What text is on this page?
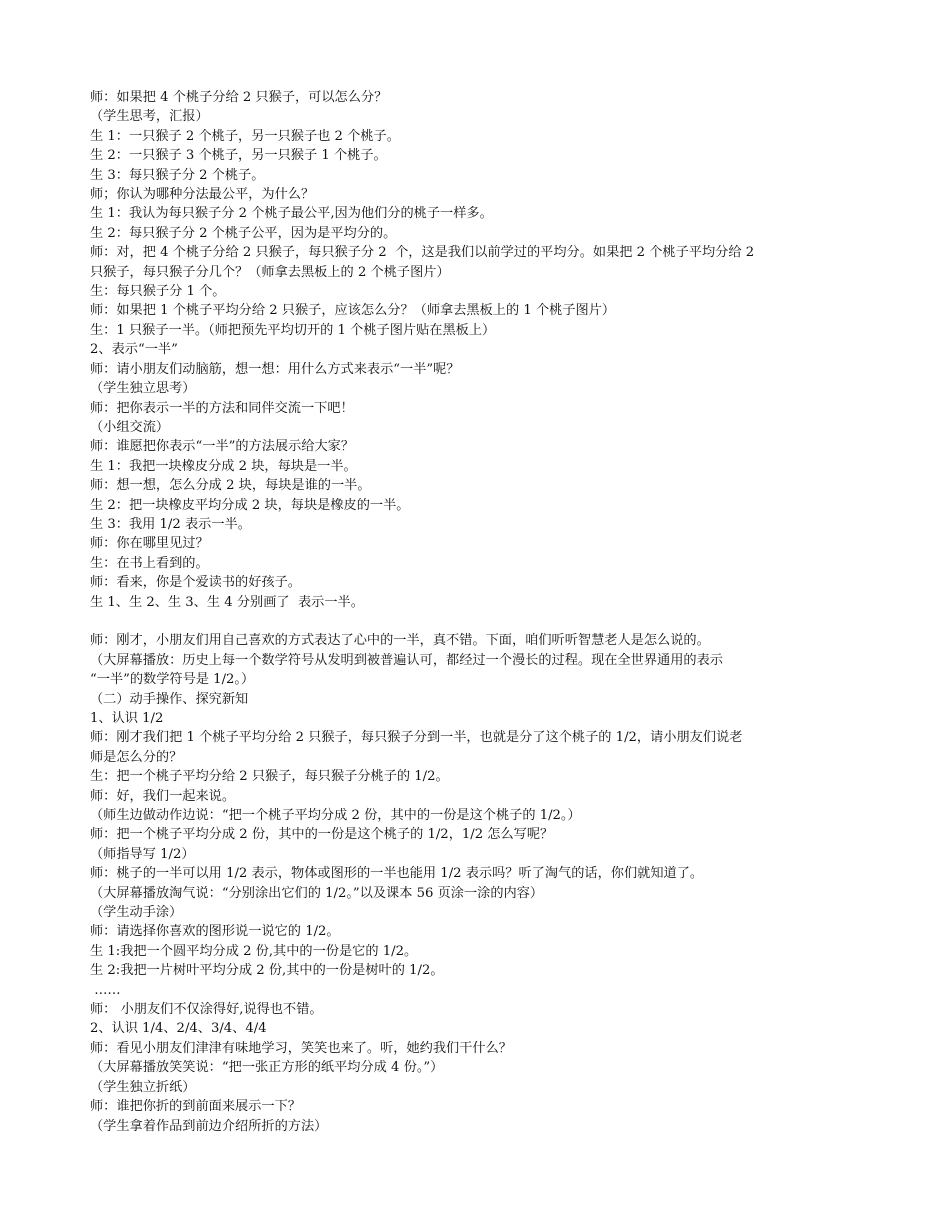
师：如果把 4 个桃子分给 2 只猴子，可以怎么分？
（学生思考，汇报）
生 1：一只猴子 2 个桃子，另一只猴子也 2 个桃子。
生 2：一只猴子 3 个桃子，另一只猴子 1 个桃子。
生 3：每只猴子分 2 个桃子。
师；你认为哪种分法最公平，为什么？
生 1：我认为每只猴子分 2 个桃子最公平,因为他们分的桃子一样多。
生 2：每只猴子分 2 个桃子公平，因为是平均分的。
师：对，把 4 个桃子分给 2 只猴子，每只猴子分 2  个，这是我们以前学过的平均分。如果把 2 个桃子平均分给 2
只猴子，每只猴子分几个？（师拿去黑板上的 2 个桃子图片）
生：每只猴子分 1 个。
师：如果把 1 个桃子平均分给 2 只猴子，应该怎么分？（师拿去黑板上的 1 个桃子图片）
生：1 只猴子一半。（师把预先平均切开的 1 个桃子图片贴在黑板上）
2、表示“一半”
师：请小朋友们动脑筋，想一想：用什么方式来表示“一半”呢？
（学生独立思考）
师：把你表示一半的方法和同伴交流一下吧！
（小组交流）
师：谁愿把你表示“一半”的方法展示给大家？
生 1：我把一块橡皮分成 2 块，每块是一半。
师：想一想，怎么分成 2 块，每块是谁的一半。
生 2：把一块橡皮平均分成 2 块，每块是橡皮的一半。
生 3：我用 1/2 表示一半。
师：你在哪里见过？
生：在书上看到的。
师：看来，你是个爱读书的好孩子。
生 1、生 2、生 3、生 4 分别画了  表示一半。
师：刚才，小朋友们用自己喜欢的方式表达了心中的一半，真不错。下面，咱们听听智慧老人是怎么说的。
（大屏幕播放：历史上每一个数学符号从发明到被普遍认可，都经过一个漫长的过程。现在全世界通用的表示
“一半”的数学符号是 1/2。）
（二）动手操作、探究新知
1、认识 1/2
师：刚才我们把 1 个桃子平均分给 2 只猴子，每只猴子分到一半，也就是分了这个桃子的 1/2，请小朋友们说老
师是怎么分的？
生：把一个桃子平均分给 2 只猴子，每只猴子分桃子的 1/2。
师：好，我们一起来说。
（师生边做动作边说：“把一个桃子平均分成 2 份，其中的一份是这个桃子的 1/2。）
师：把一个桃子平均分成 2 份，其中的一份是这个桃子的 1/2，1/2 怎么写呢？
（师指导写 1/2）
师：桃子的一半可以用 1/2 表示，物体或图形的一半也能用 1/2 表示吗？听了淘气的话，你们就知道了。
（大屏幕播放淘气说：“分别涂出它们的 1/2。”以及课本 56 页涂一涂的内容）
（学生动手涂）
师：请选择你喜欢的图形说一说它的 1/2。
生 1:我把一个圆平均分成 2 份,其中的一份是它的 1/2。
生 2:我把一片树叶平均分成 2 份,其中的一份是树叶的 1/2。
……
师： 小朋友们不仅涂得好,说得也不错。
2、认识 1/4、2/4、3/4、4/4
师：看见小朋友们津津有味地学习，笑笑也来了。听，她约我们干什么？
（大屏幕播放笑笑说：“把一张正方形的纸平均分成 4 份。”）
（学生独立折纸）
师：谁把你折的到前面来展示一下？
（学生拿着作品到前边介绍所折的方法）
